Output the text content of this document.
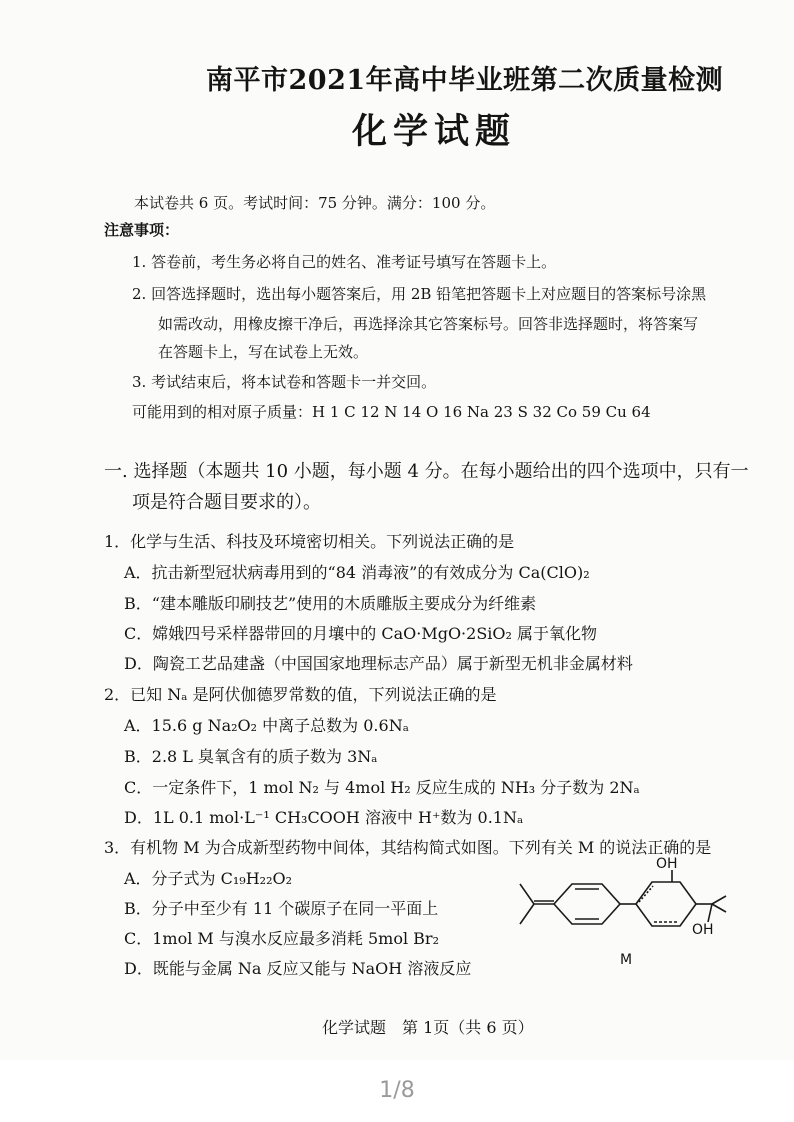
南平市2021年高中毕业班第二次质量检测
化学试题
本试卷共 6 页。考试时间：75 分钟。满分：100 分。
注意事项：
1. 答卷前，考生务必将自己的姓名、准考证号填写在答题卡上。
2. 回答选择题时，选出每小题答案后，用 2B 铅笔把答题卡上对应题目的答案标号涂黑
如需改动，用橡皮擦干净后，再选择涂其它答案标号。回答非选择题时，将答案写
在答题卡上，写在试卷上无效。
3. 考试结束后，将本试卷和答题卡一并交回。
可能用到的相对原子质量：H 1 C 12 N 14 O 16 Na 23 S 32 Co 59 Cu 64
一. 选择题（本题共 10 小题，每小题 4 分。在每小题给出的四个选项中，只有一
项是符合题目要求的）。
1．化学与生活、科技及环境密切相关。下列说法正确的是
A．抗击新型冠状病毒用到的“84 消毒液”的有效成分为 Ca(ClO)₂
B．“建本雕版印刷技艺”使用的木质雕版主要成分为纤维素
C．嫦娥四号采样器带回的月壤中的 CaO·MgO·2SiO₂ 属于氧化物
D．陶瓷工艺品建盏（中国国家地理标志产品）属于新型无机非金属材料
2．已知 Nₐ 是阿伏伽德罗常数的值，下列说法正确的是
A．15.6 g Na₂O₂ 中离子总数为 0.6Nₐ
B．2.8 L 臭氧含有的质子数为 3Nₐ
C．一定条件下，1 mol N₂ 与 4mol H₂ 反应生成的 NH₃ 分子数为 2Nₐ
D．1L 0.1 mol·L⁻¹ CH₃COOH 溶液中 H⁺数为 0.1Nₐ
3．有机物 M 为合成新型药物中间体，其结构简式如图。下列有关 M 的说法正确的是
A．分子式为 C₁₉H₂₂O₂
B．分子中至少有 11 个碳原子在同一平面上
C．1mol M 与溴水反应最多消耗 5mol Br₂
D．既能与金属 Na 反应又能与 NaOH 溶液反应
OH
OH
M
化学试题　第 1页（共 6 页）
1/8
